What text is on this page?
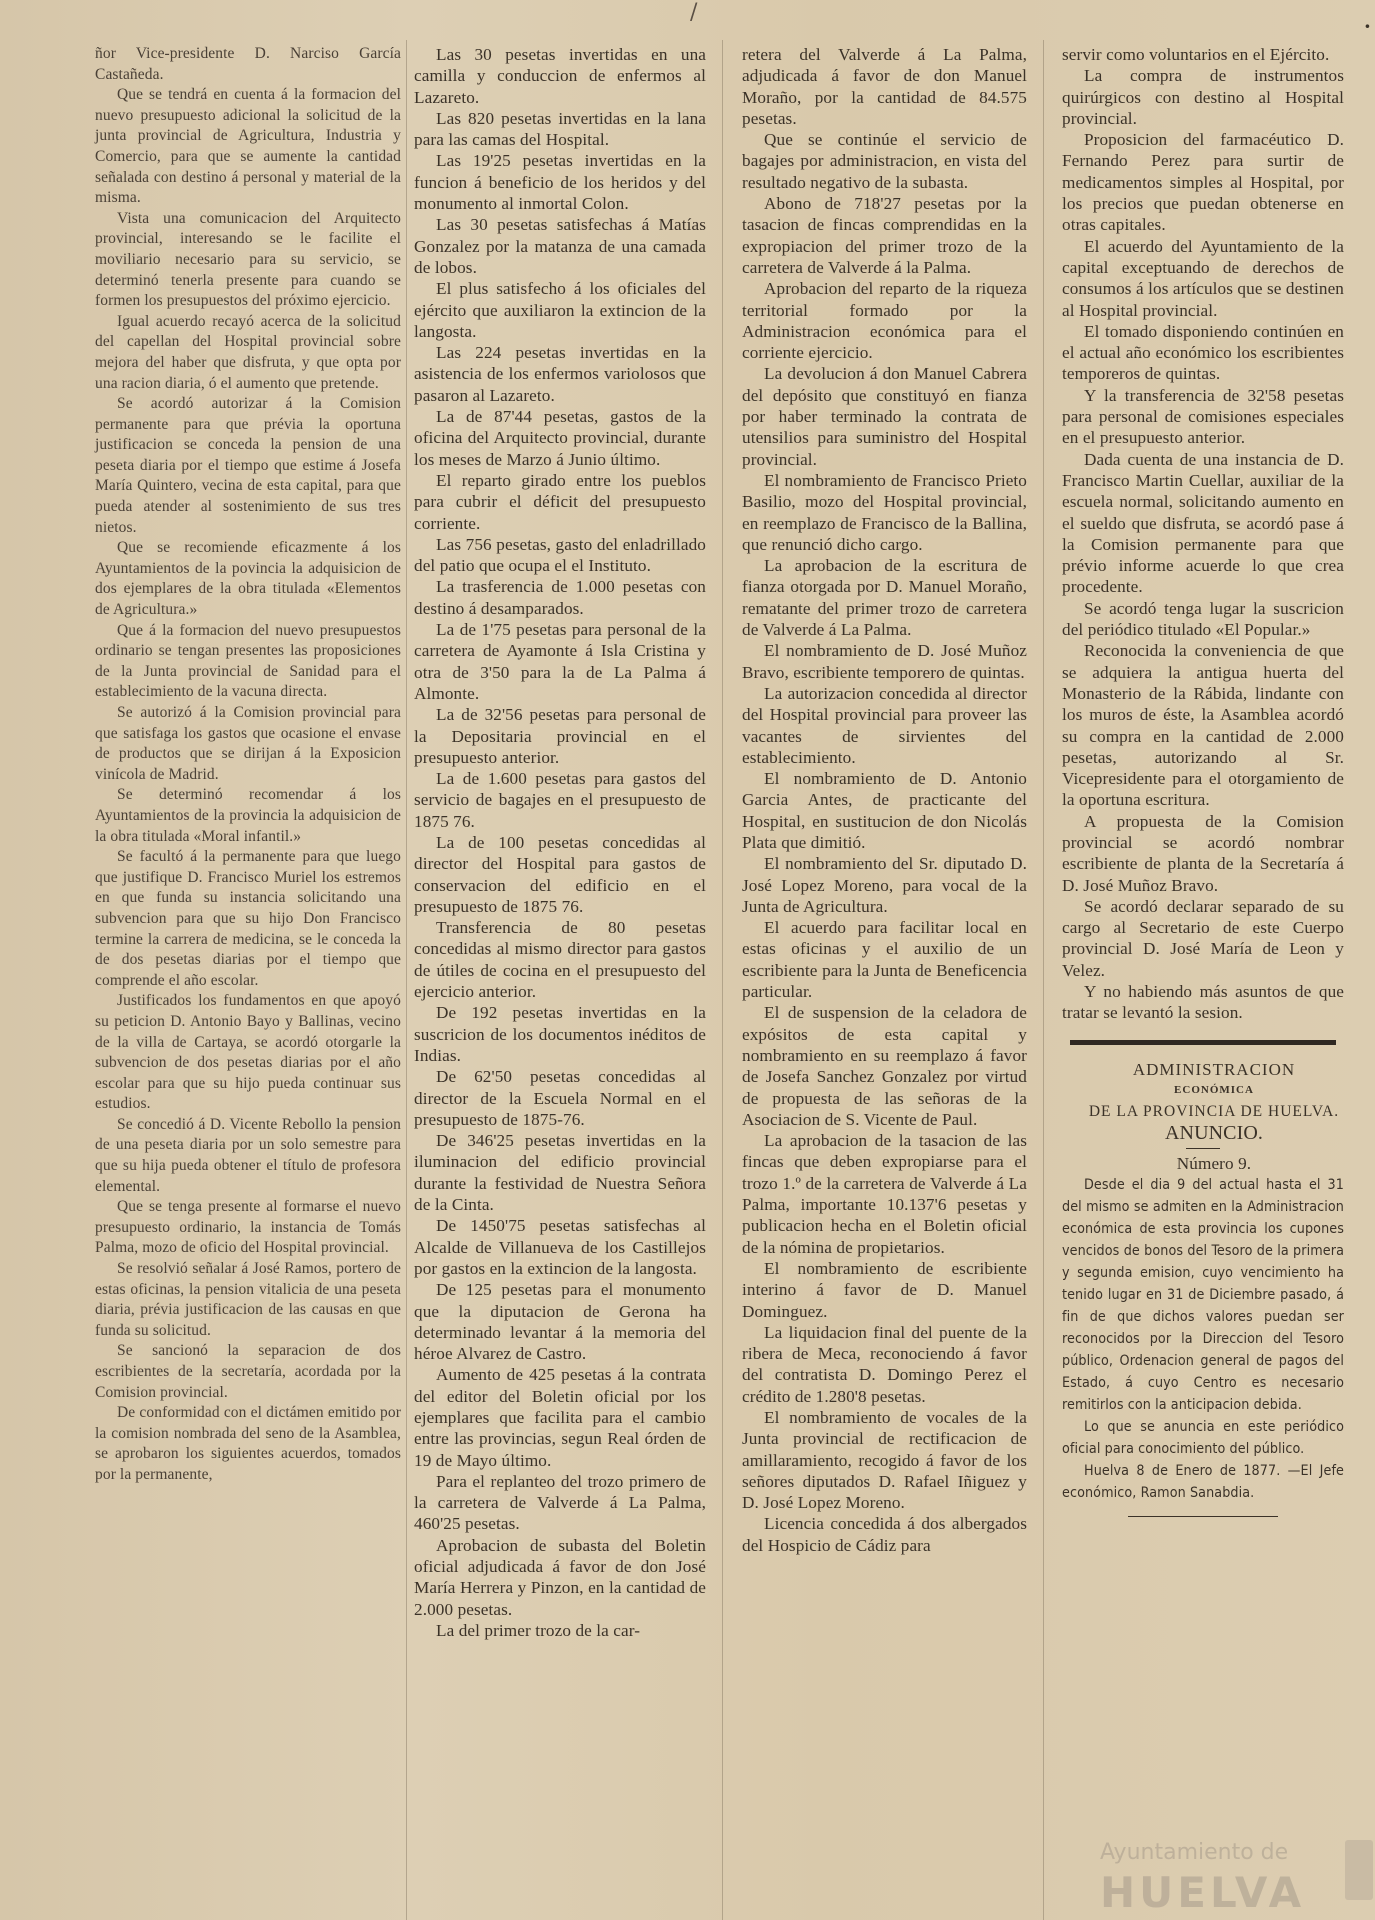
/	·

ñor Vice-presidente D. Narciso García Castañeda.

Que se tendrá en cuenta á la formacion del nuevo presupuesto adicional la solicitud de la junta provincial de Agricultura, Industria y Comercio, para que se aumente la cantidad señalada con destino á personal y material de la misma.

Vista una comunicacion del Arquitecto provincial, interesando se le facilite el moviliario necesario para su servicio, se determinó tenerla presente para cuando se formen los presupuestos del próximo ejercicio.

Igual acuerdo recayó acerca de la solicitud del capellan del Hospital provincial sobre mejora del haber que disfruta, y que opta por una racion diaria, ó el aumento que pretende.

Se acordó autorizar á la Comision permanente para que prévia la oportuna justificacion se conceda la pension de una peseta diaria por el tiempo que estime á Josefa María Quintero, vecina de esta capital, para que pueda atender al sostenimiento de sus tres nietos.

Que se recomiende eficazmente á los Ayuntamientos de la povincia la adquisicion de dos ejemplares de la obra titulada «Elementos de Agricultura.»

Que á la formacion del nuevo presupuestos ordinario se tengan presentes las proposiciones de la Junta provincial de Sanidad para el establecimiento de la vacuna directa.

Se autorizó á la Comision provincial para que satisfaga los gastos que ocasione el envase de productos que se dirijan á la Exposicion vinícola de Madrid.

Se determinó recomendar á los Ayuntamientos de la provincia la adquisicion de la obra titulada «Moral infantil.»

Se facultó á la permanente para que luego que justifique D. Francisco Muriel los estremos en que funda su instancia solicitando una subvencion para que su hijo Don Francisco termine la carrera de medicina, se le conceda la de dos pesetas diarias por el tiempo que comprende el año escolar.

Justificados los fundamentos en que apoyó su peticion D. Antonio Bayo y Ballinas, vecino de la villa de Cartaya, se acordó otorgarle la subvencion de dos pesetas diarias por el año escolar para que su hijo pueda continuar sus estudios.

Se concedió á D. Vicente Rebollo la pension de una peseta diaria por un solo semestre para que su hija pueda obtener el título de profesora elemental.

Que se tenga presente al formarse el nuevo presupuesto ordinario, la instancia de Tomás Palma, mozo de oficio del Hospital provincial.

Se resolvió señalar á José Ramos, portero de estas oficinas, la pension vitalicia de una peseta diaria, prévia justificacion de las causas en que funda su solicitud.

Se sancionó la separacion de dos escribientes de la secretaría, acordada por la Comision provincial.

De conformidad con el dictámen emitido por la comision nombrada del seno de la Asamblea, se aprobaron los siguientes acuerdos, tomados por la permanente,

Las 30 pesetas invertidas en una camilla y conduccion de enfermos al Lazareto.

Las 820 pesetas invertidas en la lana para las camas del Hospital.

Las 19'25 pesetas invertidas en la funcion á beneficio de los heridos y del monumento al inmortal Colon.

Las 30 pesetas satisfechas á Matías Gonzalez por la matanza de una camada de lobos.

El plus satisfecho á los oficiales del ejército que auxiliaron la extincion de la langosta.

Las 224 pesetas invertidas en la asistencia de los enfermos variolosos que pasaron al Lazareto.

La de 87'44 pesetas, gastos de la oficina del Arquitecto provincial, durante los meses de Marzo á Junio último.

El reparto girado entre los pueblos para cubrir el déficit del presupuesto corriente.

Las 756 pesetas, gasto del enladrillado del patio que ocupa el el Instituto.

La trasferencia de 1.000 pesetas con destino á desamparados.

La de 1'75 pesetas para personal de la carretera de Ayamonte á Isla Cristina y otra de 3'50 para la de La Palma á Almonte.

La de 32'56 pesetas para personal de la Depositaria provincial en el presupuesto anterior.

La de 1.600 pesetas para gastos del servicio de bagajes en el presupuesto de 1875 76.

La de 100 pesetas concedidas al director del Hospital para gastos de conservacion del edificio en el presupuesto de 1875 76.

Transferencia de 80 pesetas concedidas al mismo director para gastos de útiles de cocina en el presupuesto del ejercicio anterior.

De 192 pesetas invertidas en la suscricion de los documentos inéditos de Indias.

De 62'50 pesetas concedidas al director de la Escuela Normal en el presupuesto de 1875-76.

De 346'25 pesetas invertidas en la iluminacion del edificio provincial durante la festividad de Nuestra Señora de la Cinta.

De 1450'75 pesetas satisfechas al Alcalde de Villanueva de los Castillejos por gastos en la extincion de la langosta.

De 125 pesetas para el monumento que la diputacion de Gerona ha determinado levantar á la memoria del héroe Alvarez de Castro.

Aumento de 425 pesetas á la contrata del editor del Boletin oficial por los ejemplares que facilita para el cambio entre las provincias, segun Real órden de 19 de Mayo último.

Para el replanteo del trozo primero de la carretera de Valverde á La Palma, 460'25 pesetas.

Aprobacion de subasta del Boletin oficial adjudicada á favor de don José María Herrera y Pinzon, en la cantidad de 2.000 pesetas.

La del primer trozo de la car-

retera del Valverde á La Palma, adjudicada á favor de don Manuel Moraño, por la cantidad de 84.575 pesetas.

Que se continúe el servicio de bagajes por administracion, en vista del resultado negativo de la subasta.

Abono de 718'27 pesetas por la tasacion de fincas comprendidas en la expropiacion del primer trozo de la carretera de Valverde á la Palma.

Aprobacion del reparto de la riqueza territorial formado por la Administracion económica para el corriente ejercicio.

La devolucion á don Manuel Cabrera del depósito que constituyó en fianza por haber terminado la contrata de utensilios para suministro del Hospital provincial.

El nombramiento de Francisco Prieto Basilio, mozo del Hospital provincial, en reemplazo de Francisco de la Ballina, que renunció dicho cargo.

La aprobacion de la escritura de fianza otorgada por D. Manuel Moraño, rematante del primer trozo de carretera de Valverde á La Palma.

El nombramiento de D. José Muñoz Bravo, escribiente temporero de quintas.

La autorizacion concedida al director del Hospital provincial para proveer las vacantes de sirvientes del establecimiento.

El nombramiento de D. Antonio Garcia Antes, de practicante del Hospital, en sustitucion de don Nicolás Plata que dimitió.

El nombramiento del Sr. diputado D. José Lopez Moreno, para vocal de la Junta de Agricultura.

El acuerdo para facilitar local en estas oficinas y el auxilio de un escribiente para la Junta de Beneficencia particular.

El de suspension de la celadora de expósitos de esta capital y nombramiento en su reemplazo á favor de Josefa Sanchez Gonzalez por virtud de propuesta de las señoras de la Asociacion de S. Vicente de Paul.

La aprobacion de la tasacion de las fincas que deben expropiarse para el trozo 1.º de la carretera de Valverde á La Palma, importante 10.137'6 pesetas y publicacion hecha en el Boletin oficial de la nómina de propietarios.

El nombramiento de escribiente interino á favor de D. Manuel Dominguez.

La liquidacion final del puente de la ribera de Meca, reconociendo á favor del contratista D. Domingo Perez el crédito de 1.280'8 pesetas.

El nombramiento de vocales de la Junta provincial de rectificacion de amillaramiento, recogido á favor de los señores diputados D. Rafael Iñiguez y D. José Lopez Moreno.

Licencia concedida á dos albergados del Hospicio de Cádiz para

servir como voluntarios en el Ejército.

La compra de instrumentos quirúrgicos con destino al Hospital provincial.

Proposicion del farmacéutico D. Fernando Perez para surtir de medicamentos simples al Hospital, por los precios que puedan obtenerse en otras capitales.

El acuerdo del Ayuntamiento de la capital exceptuando de derechos de consumos á los artículos que se destinen al Hospital provincial.

El tomado disponiendo continúen en el actual año económico los escribientes temporeros de quintas.

Y la transferencia de 32'58 pesetas para personal de comisiones especiales en el presupuesto anterior.

Dada cuenta de una instancia de D. Francisco Martin Cuellar, auxiliar de la escuela normal, solicitando aumento en el sueldo que disfruta, se acordó pase á la Comision permanente para que prévio informe acuerde lo que crea procedente.

Se acordó tenga lugar la suscricion del periódico titulado «El Popular.»

Reconocida la conveniencia de que se adquiera la antigua huerta del Monasterio de la Rábida, lindante con los muros de éste, la Asamblea acordó su compra en la cantidad de 2.000 pesetas, autorizando al Sr. Vicepresidente para el otorgamiento de la oportuna escritura.

A propuesta de la Comision provincial se acordó nombrar escribiente de planta de la Secretaría á D. José Muñoz Bravo.

Se acordó declarar separado de su cargo al Secretario de este Cuerpo provincial D. José María de Leon y Velez.

Y no habiendo más asuntos de que tratar se levantó la sesion.

ADMINISTRACION

ECONÓMICA

DE LA PROVINCIA DE HUELVA.

ANUNCIO.

Número 9.

Desde el dia 9 del actual hasta el 31 del mismo se admiten en la Administracion económica de esta provincia los cupones vencidos de bonos del Tesoro de la primera y segunda emision, cuyo vencimiento ha tenido lugar en 31 de Diciembre pasado, á fin de que dichos valores puedan ser reconocidos por la Direccion del Tesoro público, Ordenacion general de pagos del Estado, á cuyo Centro es necesario remitirlos con la anticipacion debida.

Lo que se anuncia en este periódico oficial para conocimiento del público.

Huelva 8 de Enero de 1877. —El Jefe económico, Ramon Sanabdia.

Ayuntamiento de
HUELVA
